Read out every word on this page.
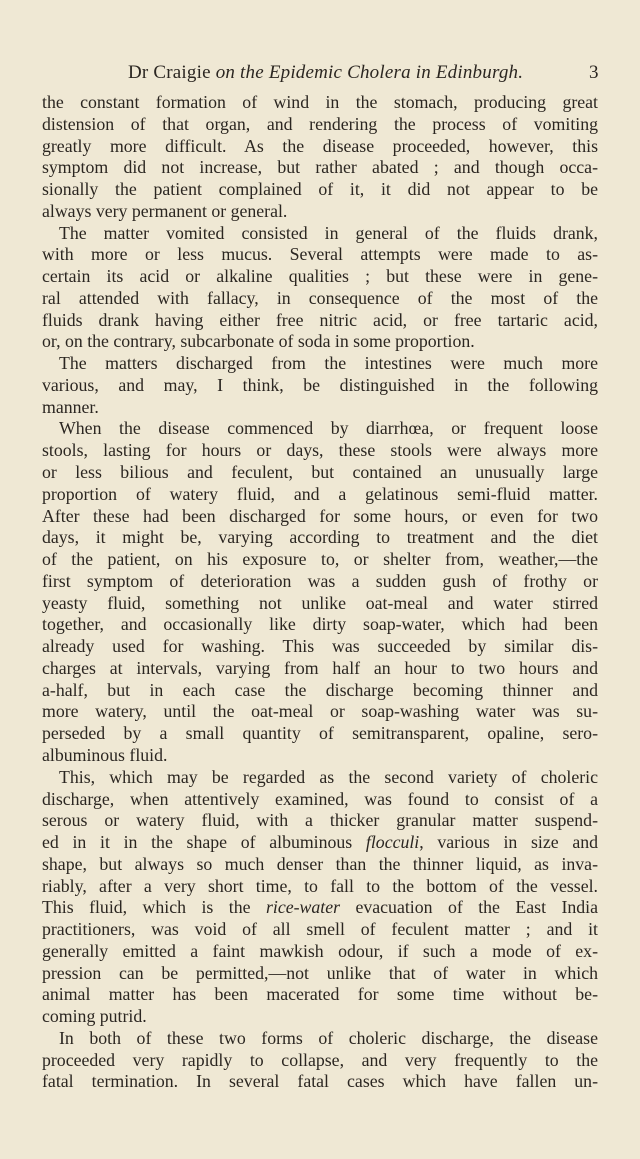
Dr Craigie on the Epidemic Cholera in Edinburgh.	3
the constant formation of wind in the stomach, producing great
distension of that organ, and rendering the process of vomiting
greatly more difficult. As the disease proceeded, however, this
symptom did not increase, but rather abated ; and though occa-
sionally the patient complained of it, it did not appear to be
always very permanent or general.
The matter vomited consisted in general of the fluids drank,
with more or less mucus. Several attempts were made to as-
certain its acid or alkaline qualities ; but these were in gene-
ral attended with fallacy, in consequence of the most of the
fluids drank having either free nitric acid, or free tartaric acid,
or, on the contrary, subcarbonate of soda in some proportion.
The matters discharged from the intestines were much more
various, and may, I think, be distinguished in the following
manner.
When the disease commenced by diarrhœa, or frequent loose
stools, lasting for hours or days, these stools were always more
or less bilious and feculent, but contained an unusually large
proportion of watery fluid, and a gelatinous semi-fluid matter.
After these had been discharged for some hours, or even for two
days, it might be, varying according to treatment and the diet
of the patient, on his exposure to, or shelter from, weather,—the
first symptom of deterioration was a sudden gush of frothy or
yeasty fluid, something not unlike oat-meal and water stirred
together, and occasionally like dirty soap-water, which had been
already used for washing. This was succeeded by similar dis-
charges at intervals, varying from half an hour to two hours and
a-half, but in each case the discharge becoming thinner and
more watery, until the oat-meal or soap-washing water was su-
perseded by a small quantity of semitransparent, opaline, sero-
albuminous fluid.
This, which may be regarded as the second variety of choleric
discharge, when attentively examined, was found to consist of a
serous or watery fluid, with a thicker granular matter suspend-
ed in it in the shape of albuminous flocculi, various in size and
shape, but always so much denser than the thinner liquid, as inva-
riably, after a very short time, to fall to the bottom of the vessel.
This fluid, which is the rice-water evacuation of the East India
practitioners, was void of all smell of feculent matter ; and it
generally emitted a faint mawkish odour, if such a mode of ex-
pression can be permitted,—not unlike that of water in which
animal matter has been macerated for some time without be-
coming putrid.
In both of these two forms of choleric discharge, the disease
proceeded very rapidly to collapse, and very frequently to the
fatal termination. In several fatal cases which have fallen un-
